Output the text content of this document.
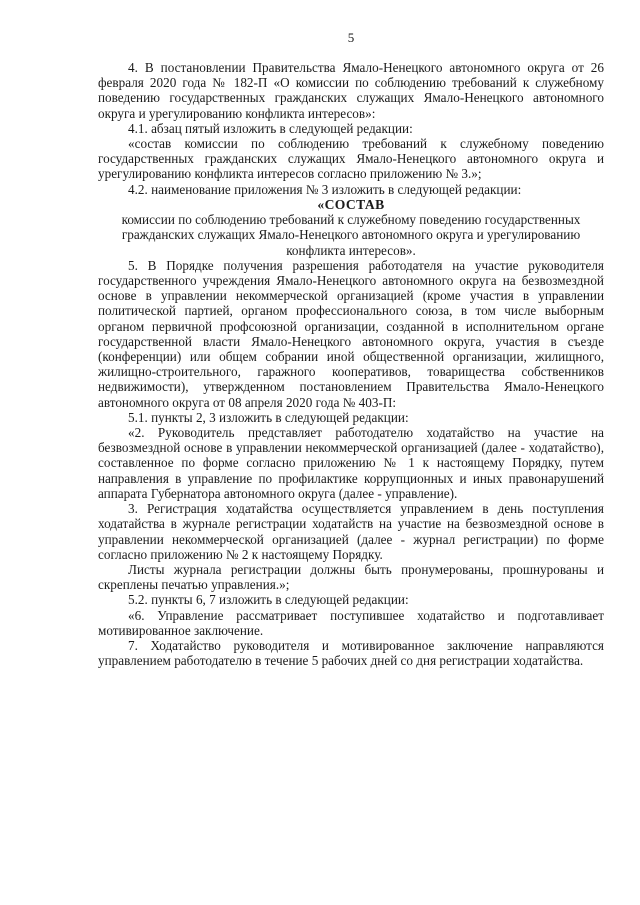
5

4. В постановлении Правительства Ямало-Ненецкого автономного округа от 26 февраля 2020 года № 182-П «О комиссии по соблюдению требований к служебному поведению государственных гражданских служащих Ямало-Ненецкого автономного округа и урегулированию конфликта интересов»:

4.1. абзац пятый изложить в следующей редакции:

«состав комиссии по соблюдению требований к служебному поведению государственных гражданских служащих Ямало-Ненецкого автономного округа и урегулированию конфликта интересов согласно приложению № 3.»;

4.2. наименование приложения № 3 изложить в следующей редакции:

«СОСТАВ

комиссии по соблюдению требований к служебному поведению государственных гражданских служащих Ямало-Ненецкого автономного округа и урегулированию конфликта интересов».

5. В Порядке получения разрешения работодателя на участие руководителя государственного учреждения Ямало-Ненецкого автономного округа на безвозмездной основе в управлении некоммерческой организацией (кроме участия в управлении политической партией, органом профессионального союза, в том числе выборным органом первичной профсоюзной организации, созданной в исполнительном органе государственной власти Ямало-Ненецкого автономного округа, участия в съезде (конференции) или общем собрании иной общественной организации, жилищного, жилищно-строительного, гаражного кооперативов, товарищества собственников недвижимости), утвержденном постановлением Правительства Ямало-Ненецкого автономного округа от 08 апреля 2020 года № 403-П:

5.1. пункты 2, 3 изложить в следующей редакции:

«2. Руководитель представляет работодателю ходатайство на участие на безвозмездной основе в управлении некоммерческой организацией (далее - ходатайство), составленное по форме согласно приложению № 1 к настоящему Порядку, путем направления в управление по профилактике коррупционных и иных правонарушений аппарата Губернатора автономного округа (далее - управление).

3. Регистрация ходатайства осуществляется управлением в день поступления ходатайства в журнале регистрации ходатайств на участие на безвозмездной основе в управлении некоммерческой организацией (далее - журнал регистрации) по форме согласно приложению № 2 к настоящему Порядку.

Листы журнала регистрации должны быть пронумерованы, прошнурованы и скреплены печатью управления.»;

5.2. пункты 6, 7 изложить в следующей редакции:

«6. Управление рассматривает поступившее ходатайство и подготавливает мотивированное заключение.

7. Ходатайство руководителя и мотивированное заключение направляются управлением работодателю в течение 5 рабочих дней со дня регистрации ходатайства.
